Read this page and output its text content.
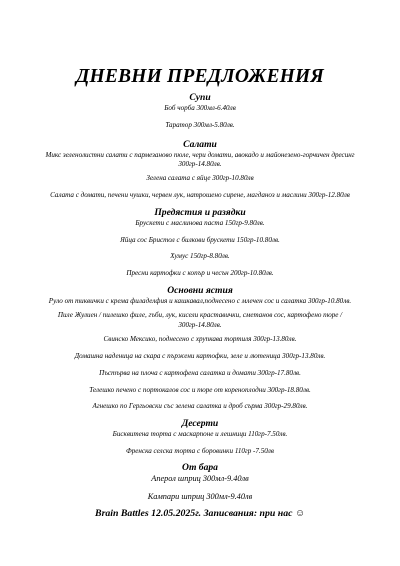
ДНЕВНИ ПРЕДЛОЖЕНИЯ
Супи
Боб чорба 300мл-6.40лв
Таратор 300мл-5.80лв.
Салати
Микс зеленолистни салати с пармезаново пюле, чери домати, авокадо и майонезено-горчичен дресинг 300гр-14.80лв.
Зелена салата с яйце 300гр-10.80лв
Салата с домати, печени чушки, червен лук, натрошено сирене, магданоз и маслини 300гр-12.80лв
Предястия и разядки
Брускети с маслинова паста 150гр-9.80лв.
Яйца сос Бристол с билкови брускети 150гр-10.80лв.
Хумус 150гр-8.80лв.
Пресни картофки с копър и чесън 200гр-10.80лв.
Основни ястия
Руло от тиквички с крема филаделфия и кашкавал,поднесено с млечен сос и салатка 300гр-10.80лв.
Пиле Жулиен / пилешко филе, гъби, лук, кисели краставички, сметанов сос, картофено пюре / 300гр-14.80лв.
Свинско Мексико, поднесено с хрупкава тортиля 300гр-13.80лв.
Домашна наденица на скара с пържени картофки, зеле и лютеница 300гр-13.80лв.
Пъстърва на плоча с картофена салатка и домати 300гр-17.80лв.
Телешко печено с портокалов сос и пюре от кореноплодни 300гр-18.80лв.
Агнешко по Гергьовски със зелена салатка и дроб сърма 300гр-29.80лв.
Десерти
Бисквитена торта с маскарпоне и лешници 110гр-7.50лв.
Френска селска торта с боровинки 110гр -7.50лв
От бара
Аперол шприц 300мл-9.40лв
Кампари шприц 300мл-9.40лв
Brain Battles 12.05.2025г. Записвания: при нас ☺
